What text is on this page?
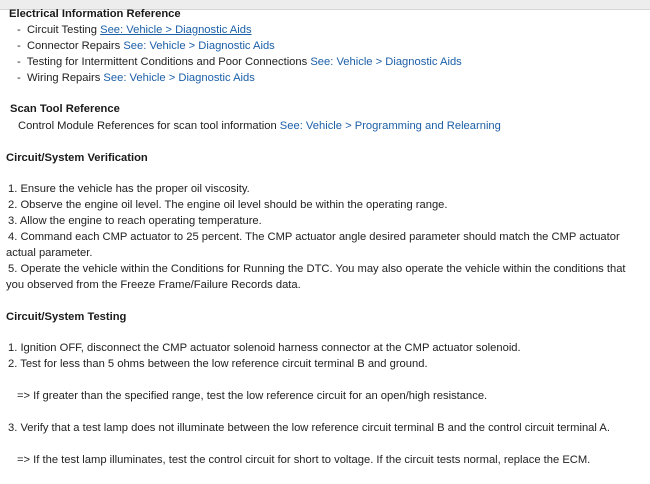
Electrical Information Reference
-  Circuit Testing See: Vehicle > Diagnostic Aids
-  Connector Repairs See: Vehicle > Diagnostic Aids
-  Testing for Intermittent Conditions and Poor Connections See: Vehicle > Diagnostic Aids
-  Wiring Repairs See: Vehicle > Diagnostic Aids
Scan Tool Reference
Control Module References for scan tool information See: Vehicle > Programming and Relearning
Circuit/System Verification
1. Ensure the vehicle has the proper oil viscosity.
2. Observe the engine oil level. The engine oil level should be within the operating range.
3. Allow the engine to reach operating temperature.
4. Command each CMP actuator to 25 percent. The CMP actuator angle desired parameter should match the CMP actuator
actual parameter.
5. Operate the vehicle within the Conditions for Running the DTC. You may also operate the vehicle within the conditions that
you observed from the Freeze Frame/Failure Records data.
Circuit/System Testing
1. Ignition OFF, disconnect the CMP actuator solenoid harness connector at the CMP actuator solenoid.
2. Test for less than 5 ohms between the low reference circuit terminal B and ground.
=> If greater than the specified range, test the low reference circuit for an open/high resistance.
3. Verify that a test lamp does not illuminate between the low reference circuit terminal B and the control circuit terminal A.
=> If the test lamp illuminates, test the control circuit for short to voltage. If the circuit tests normal, replace the ECM.
